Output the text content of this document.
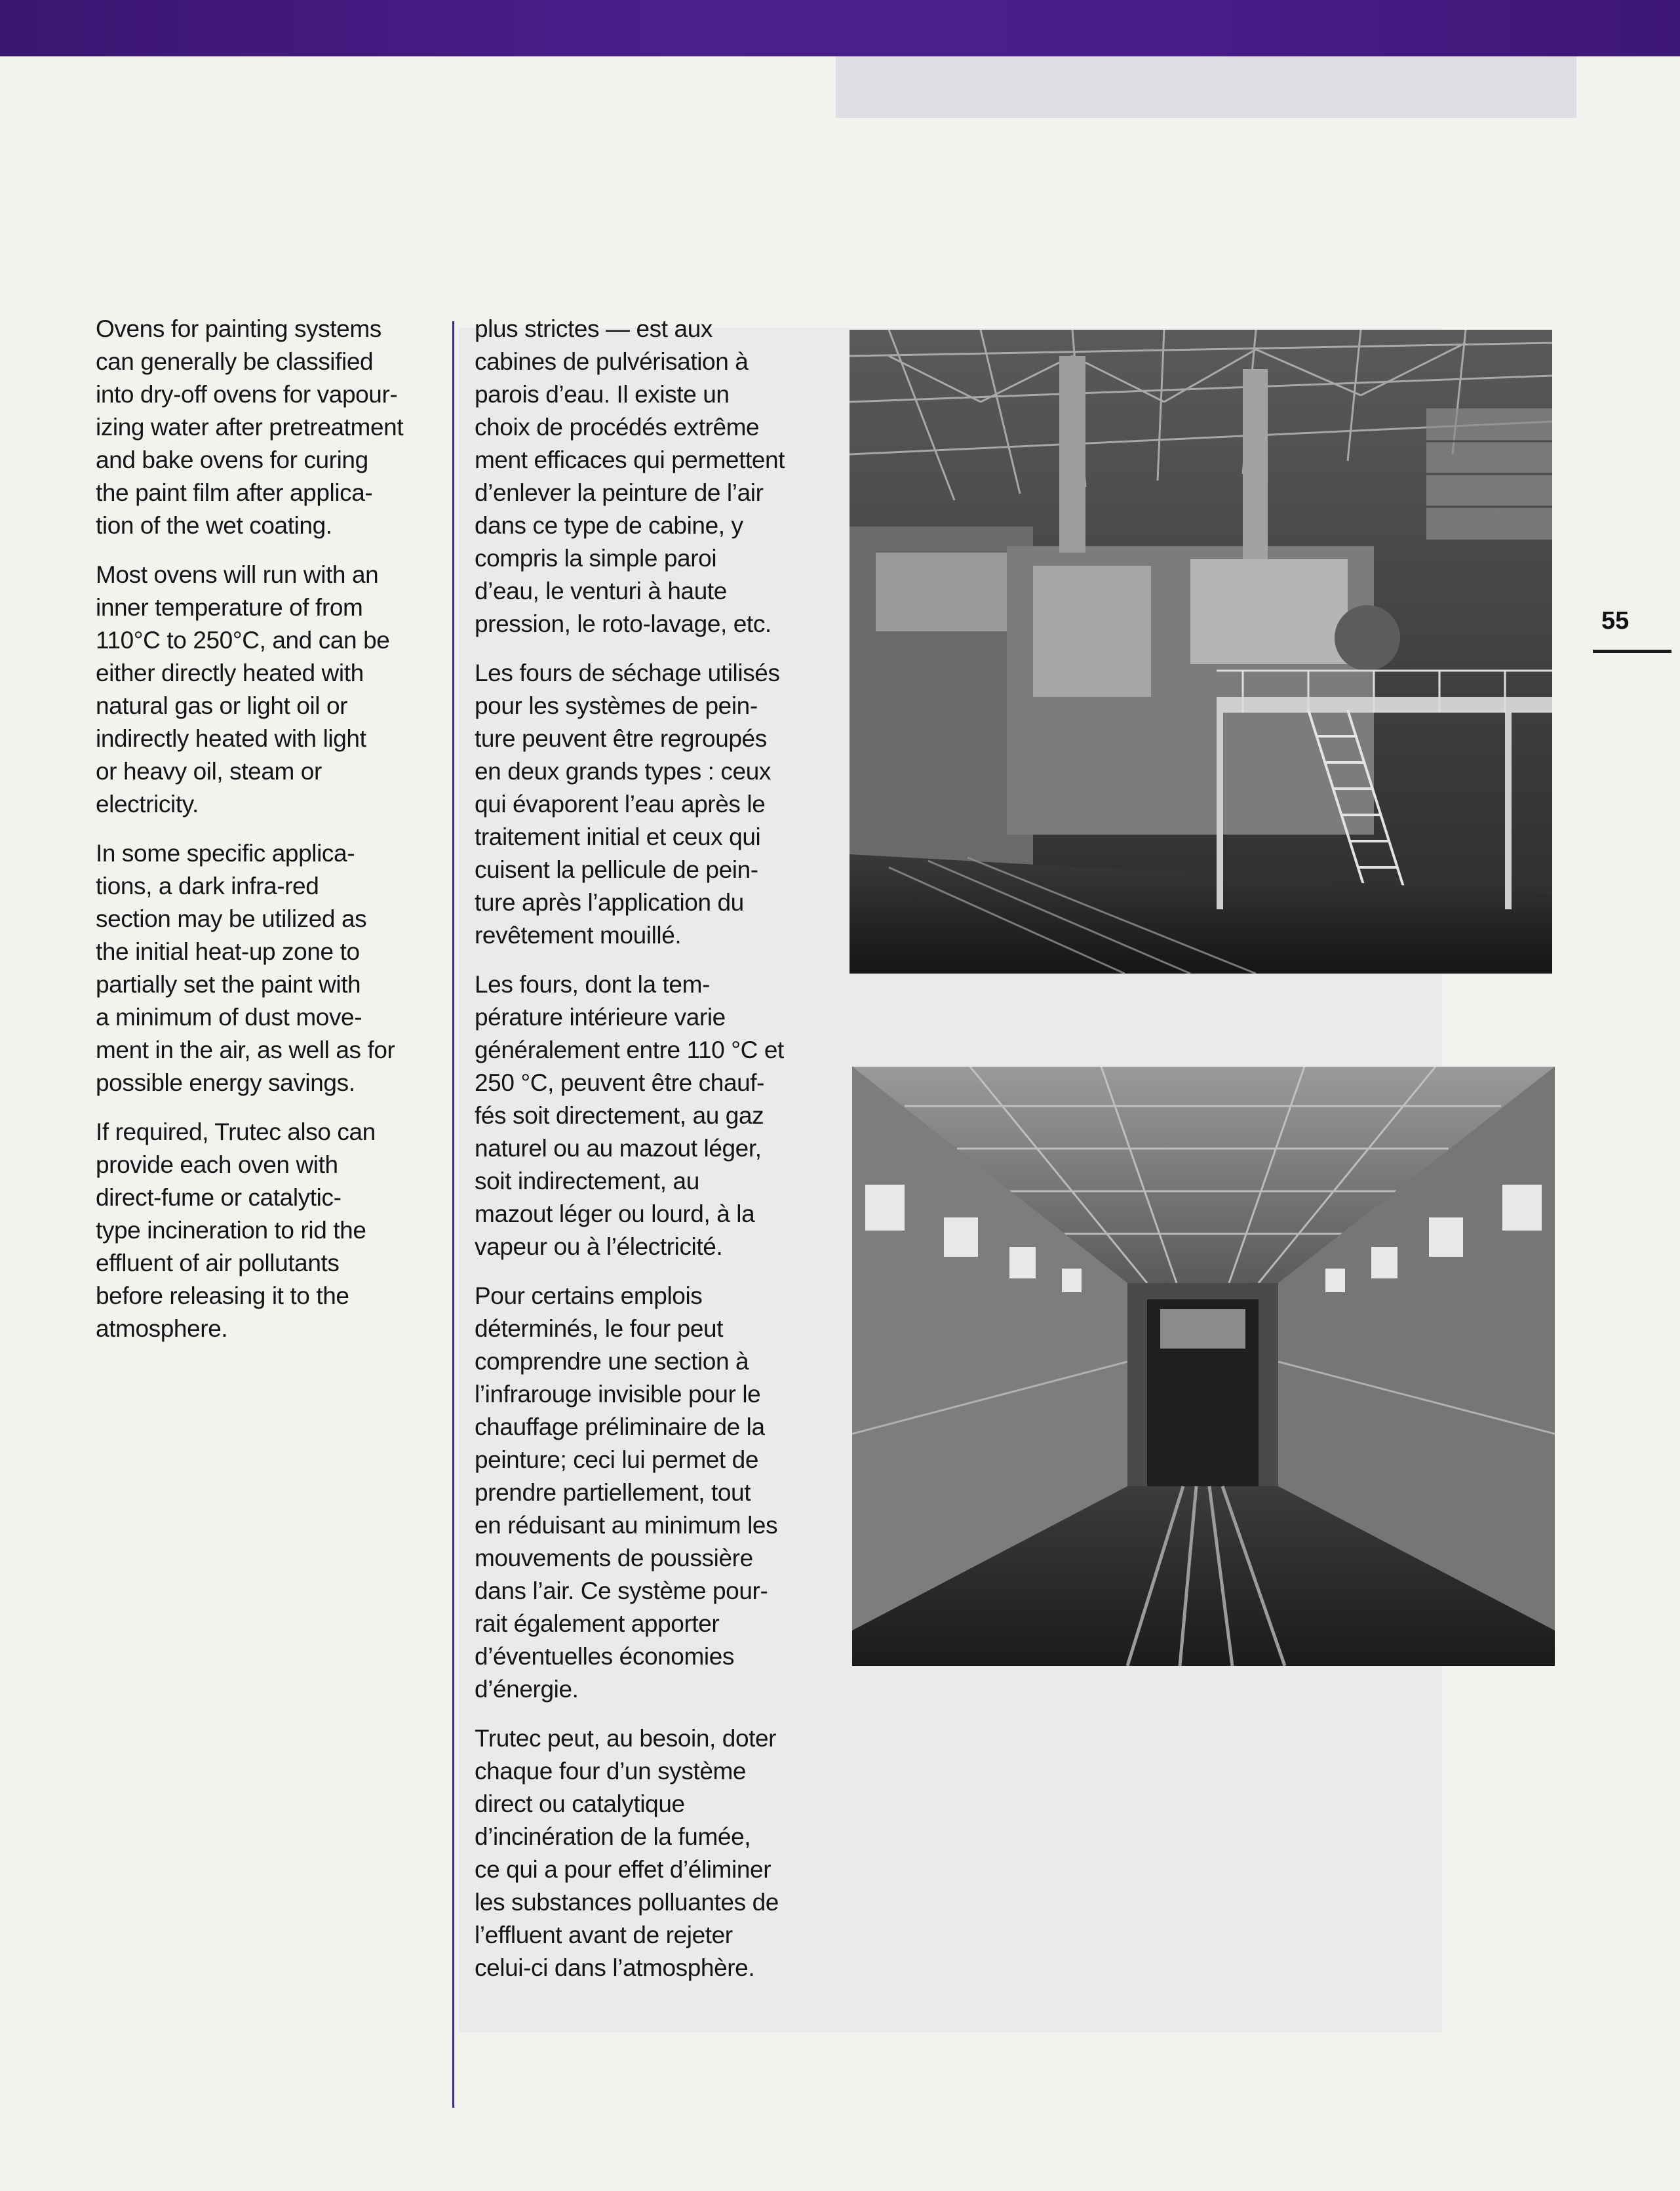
Ovens for painting systems
can generally be classified
into dry-off ovens for vapour-
izing water after pretreatment
and bake ovens for curing
the paint film after applica-
tion of the wet coating.

Most ovens will run with an
inner temperature of from
110°C to 250°C, and can be
either directly heated with
natural gas or light oil or
indirectly heated with light
or heavy oil, steam or
electricity.

In some specific applica-
tions, a dark infra-red
section may be utilized as
the initial heat-up zone to
partially set the paint with
a minimum of dust move-
ment in the air, as well as for
possible energy savings.

If required, Trutec also can
provide each oven with
direct-fume or catalytic-
type incineration to rid the
effluent of air pollutants
before releasing it to the
atmosphere.

plus strictes — est aux
cabines de pulvérisation à
parois d’eau. Il existe un
choix de procédés extrême
ment efficaces qui permettent
d’enlever la peinture de l’air
dans ce type de cabine, y
compris la simple paroi
d’eau, le venturi à haute
pression, le roto-lavage, etc.

Les fours de séchage utilisés
pour les systèmes de pein-
ture peuvent être regroupés
en deux grands types : ceux
qui évaporent l’eau après le
traitement initial et ceux qui
cuisent la pellicule de pein-
ture après l’application du
revêtement mouillé.

Les fours, dont la tem-
pérature intérieure varie
généralement entre 110 °C et
250 °C, peuvent être chauf-
fés soit directement, au gaz
naturel ou au mazout léger,
soit indirectement, au
mazout léger ou lourd, à la
vapeur ou à l’électricité.

Pour certains emplois
déterminés, le four peut
comprendre une section à
l’infrarouge invisible pour le
chauffage préliminaire de la
peinture; ceci lui permet de
prendre partiellement, tout
en réduisant au minimum les
mouvements de poussière
dans l’air. Ce système pour-
rait également apporter
d’éventuelles économies
d’énergie.

Trutec peut, au besoin, doter
chaque four d’un système
direct ou catalytique
d’incinération de la fumée,
ce qui a pour effet d’éliminer
les substances polluantes de
l’effluent avant de rejeter
celui-ci dans l’atmosphère.

55
